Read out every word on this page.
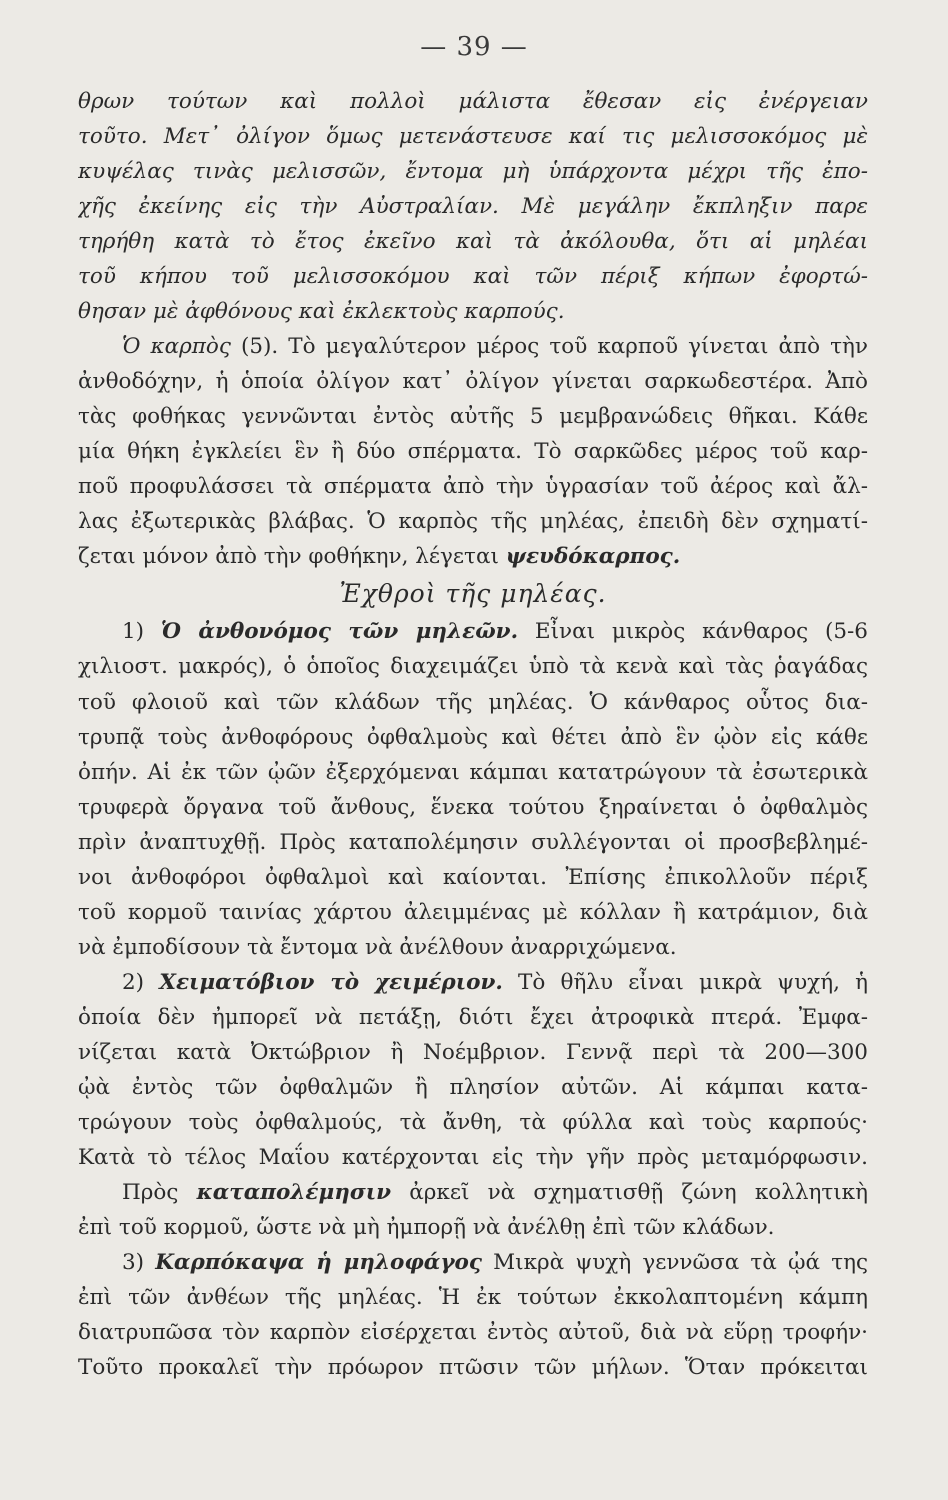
— 39 —
θρων τούτων καὶ πολλοὶ μάλιστα ἔθεσαν εἰς ἐνέργειαν
τοῦτο. Μετ᾽ ὀλίγον ὅμως μετενάστευσε καί τις μελισσοκόμος μὲ
κυψέλας τινὰς μελισσῶν, ἔντομα μὴ ὑπάρχοντα μέχρι τῆς ἐπο-
χῆς ἐκείνης εἰς τὴν Αὐστραλίαν. Μὲ μεγάλην ἔκπληξιν παρε
τηρήθη κατὰ τὸ ἔτος ἐκεῖνο καὶ τὰ ἀκόλουθα, ὅτι αἱ μηλέαι
τοῦ κήπου τοῦ μελισσοκόμου καὶ τῶν πέριξ κήπων ἐφορτώ-
θησαν μὲ ἀφθόνους καὶ ἐκλεκτοὺς καρπούς.
Ὁ καρπὸς (5). Τὸ μεγαλύτερον μέρος τοῦ καρποῦ γίνεται ἀπὸ τὴν
ἀνθοδόχην, ἡ ὁποία ὀλίγον κατ᾽ ὀλίγον γίνεται σαρκωδεστέρα. Ἀπὸ
τὰς φοθήκας γεννῶνται ἐντὸς αὐτῆς 5 μεμβρανώδεις θῆκαι. Κάθε
μία θήκη ἐγκλείει ἓν ἢ δύο σπέρματα. Τὸ σαρκῶδες μέρος τοῦ καρ-
ποῦ προφυλάσσει τὰ σπέρματα ἀπὸ τὴν ὑγρασίαν τοῦ ἀέρος καὶ ἄλ-
λας ἐξωτερικὰς βλάβας. Ὁ καρπὸς τῆς μηλέας, ἐπειδὴ δὲν σχηματί-
ζεται μόνον ἀπὸ τὴν φοθήκην, λέγεται ψευδόκαρπος.
Ἐχθροὶ τῆς μηλέας.
1) Ὁ ἀνθονόμος τῶν μηλεῶν. Εἶναι μικρὸς κάνθαρος (5-6
χιλιοστ. μακρός), ὁ ὁποῖος διαχειμάζει ὑπὸ τὰ κενὰ καὶ τὰς ῥαγάδας
τοῦ φλοιοῦ καὶ τῶν κλάδων τῆς μηλέας. Ὁ κάνθαρος οὗτος δια-
τρυπᾷ τοὺς ἀνθοφόρους ὀφθαλμοὺς καὶ θέτει ἀπὸ ἓν ᾠὸν εἰς κάθε
ὀπήν. Αἱ ἐκ τῶν ᾠῶν ἐξερχόμεναι κάμπαι κατατρώγουν τὰ ἐσωτερικὰ
τρυφερὰ ὄργανα τοῦ ἄνθους, ἕνεκα τούτου ξηραίνεται ὁ ὀφθαλμὸς
πρὶν ἀναπτυχθῇ. Πρὸς καταπολέμησιν συλλέγονται οἱ προσβεβλημέ-
νοι ἀνθοφόροι ὀφθαλμοὶ καὶ καίονται. Ἐπίσης ἐπικολλοῦν πέριξ
τοῦ κορμοῦ ταινίας χάρτου ἀλειμμένας μὲ κόλλαν ἢ κατράμιον, διὰ
νὰ ἐμποδίσουν τὰ ἔντομα νὰ ἀνέλθουν ἀναρριχώμενα.
2) Χειματόβιον τὸ χειμέριον. Τὸ θῆλυ εἶναι μικρὰ ψυχή, ἡ
ὁποία δὲν ἠμπορεῖ νὰ πετάξῃ, διότι ἔχει ἀτροφικὰ πτερά. Ἐμφα-
νίζεται κατὰ Ὀκτώβριον ἢ Νοέμβριον. Γεννᾷ περὶ τὰ 200—300
ᾠὰ ἐντὸς τῶν ὀφθαλμῶν ἢ πλησίον αὐτῶν. Αἱ κάμπαι κατα-
τρώγουν τοὺς ὀφθαλμούς, τὰ ἄνθη, τὰ φύλλα καὶ τοὺς καρπούς·
Κατὰ τὸ τέλος Μαΐου κατέρχονται εἰς τὴν γῆν πρὸς μεταμόρφωσιν.
Πρὸς καταπολέμησιν ἀρκεῖ νὰ σχηματισθῇ ζώνη κολλητικὴ
ἐπὶ τοῦ κορμοῦ, ὥστε νὰ μὴ ἠμπορῇ νὰ ἀνέλθῃ ἐπὶ τῶν κλάδων.
3) Καρπόκαψα ἡ μηλοφάγος Μικρὰ ψυχὴ γεννῶσα τὰ ᾠά της
ἐπὶ τῶν ἀνθέων τῆς μηλέας. Ἡ ἐκ τούτων ἐκκολαπτομένη κάμπη
διατρυπῶσα τὸν καρπὸν εἰσέρχεται ἐντὸς αὐτοῦ, διὰ νὰ εὕρῃ τροφήν·
Τοῦτο προκαλεῖ τὴν πρόωρον πτῶσιν τῶν μήλων. Ὅταν πρόκειται
